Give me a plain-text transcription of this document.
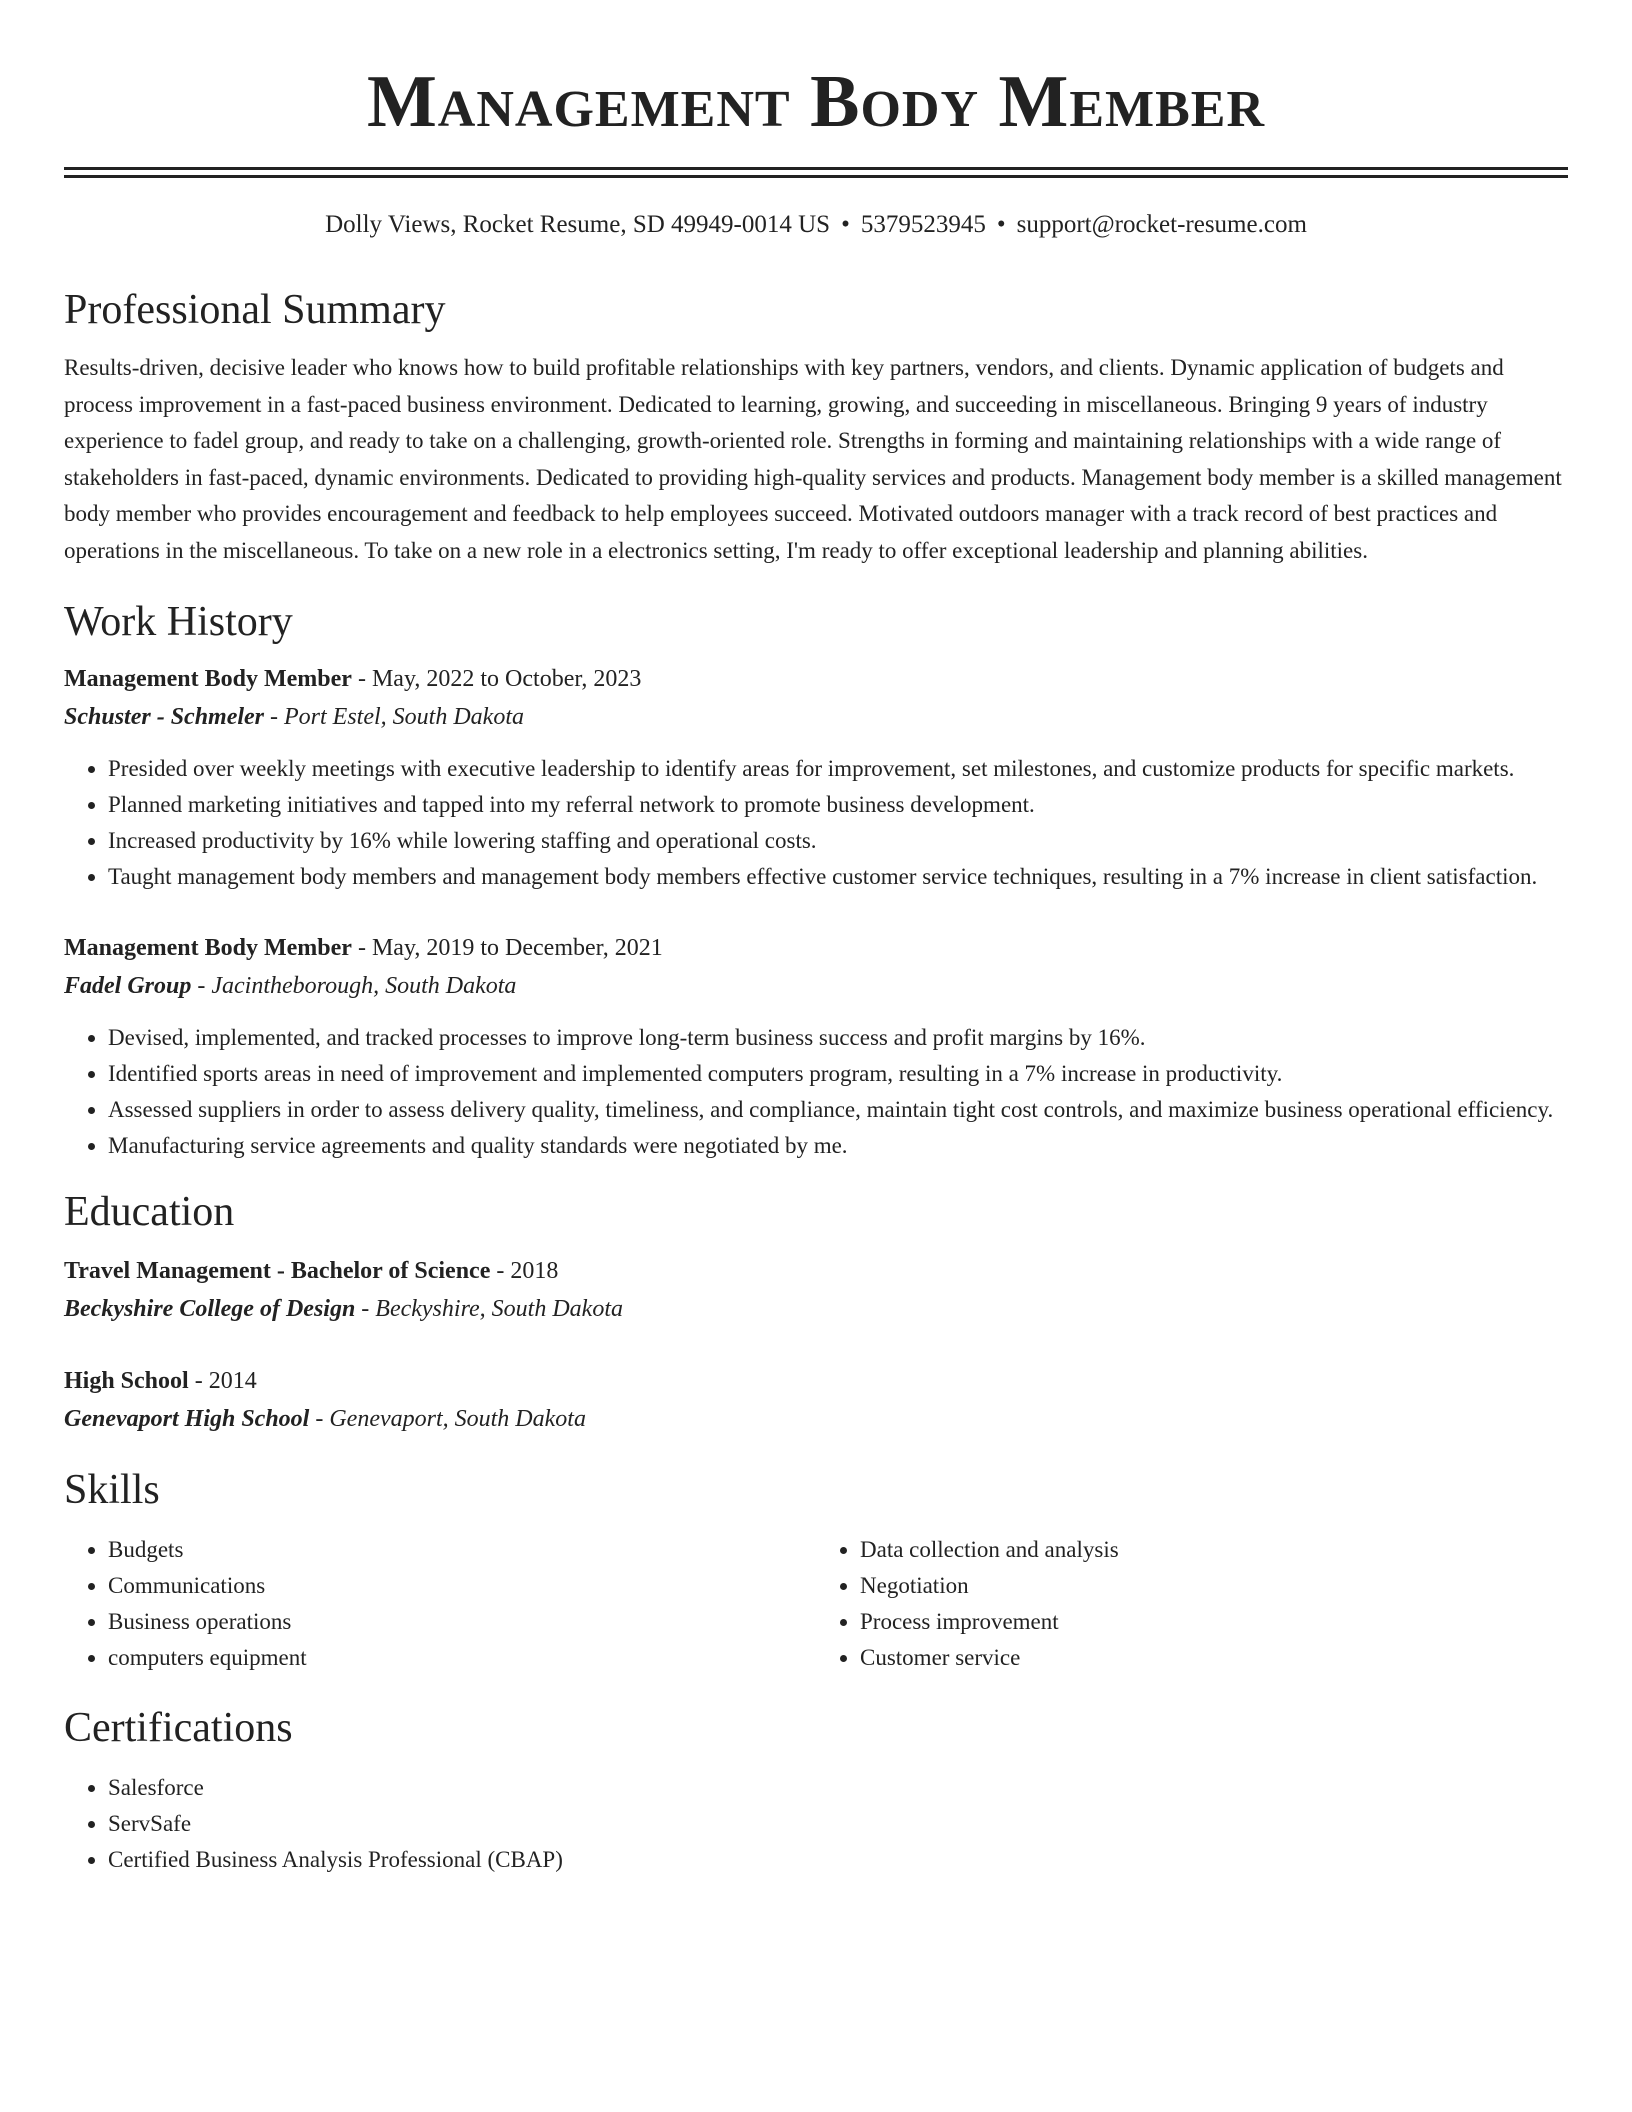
Management Body Member
Dolly Views, Rocket Resume, SD 49949-0014 US • 5379523945 • support@rocket-resume.com
Professional Summary

Results-driven, decisive leader who knows how to build profitable relationships with key partners, vendors, and clients. Dynamic application of budgets and process improvement in a fast-paced business environment. Dedicated to learning, growing, and succeeding in miscellaneous. Bringing 9 years of industry experience to fadel group, and ready to take on a challenging, growth-oriented role. Strengths in forming and maintaining relationships with a wide range of stakeholders in fast-paced, dynamic environments. Dedicated to providing high-quality services and products. Management body member is a skilled management body member who provides encouragement and feedback to help employees succeed. Motivated outdoors manager with a track record of best practices and operations in the miscellaneous. To take on a new role in a electronics setting, I'm ready to offer exceptional leadership and planning abilities.

Work History
Management Body Member - May, 2022 to October, 2023
Schuster - Schmeler - Port Estel, South Dakota
• Presided over weekly meetings with executive leadership to identify areas for improvement, set milestones, and customize products for specific markets.
• Planned marketing initiatives and tapped into my referral network to promote business development.
• Increased productivity by 16% while lowering staffing and operational costs.
• Taught management body members and management body members effective customer service techniques, resulting in a 7% increase in client satisfaction.
Management Body Member - May, 2019 to December, 2021
Fadel Group - Jacintheborough, South Dakota
• Devised, implemented, and tracked processes to improve long-term business success and profit margins by 16%.
• Identified sports areas in need of improvement and implemented computers program, resulting in a 7% increase in productivity.
• Assessed suppliers in order to assess delivery quality, timeliness, and compliance, maintain tight cost controls, and maximize business operational efficiency.
• Manufacturing service agreements and quality standards were negotiated by me.
Education
Travel Management - Bachelor of Science - 2018
Beckyshire College of Design - Beckyshire, South Dakota
High School - 2014
Genevaport High School - Genevaport, South Dakota
Skills
• Budgets
• Communications
• Business operations
• computers equipment
• Data collection and analysis
• Negotiation
• Process improvement
• Customer service
Certifications
• Salesforce
• ServSafe
• Certified Business Analysis Professional (CBAP)
